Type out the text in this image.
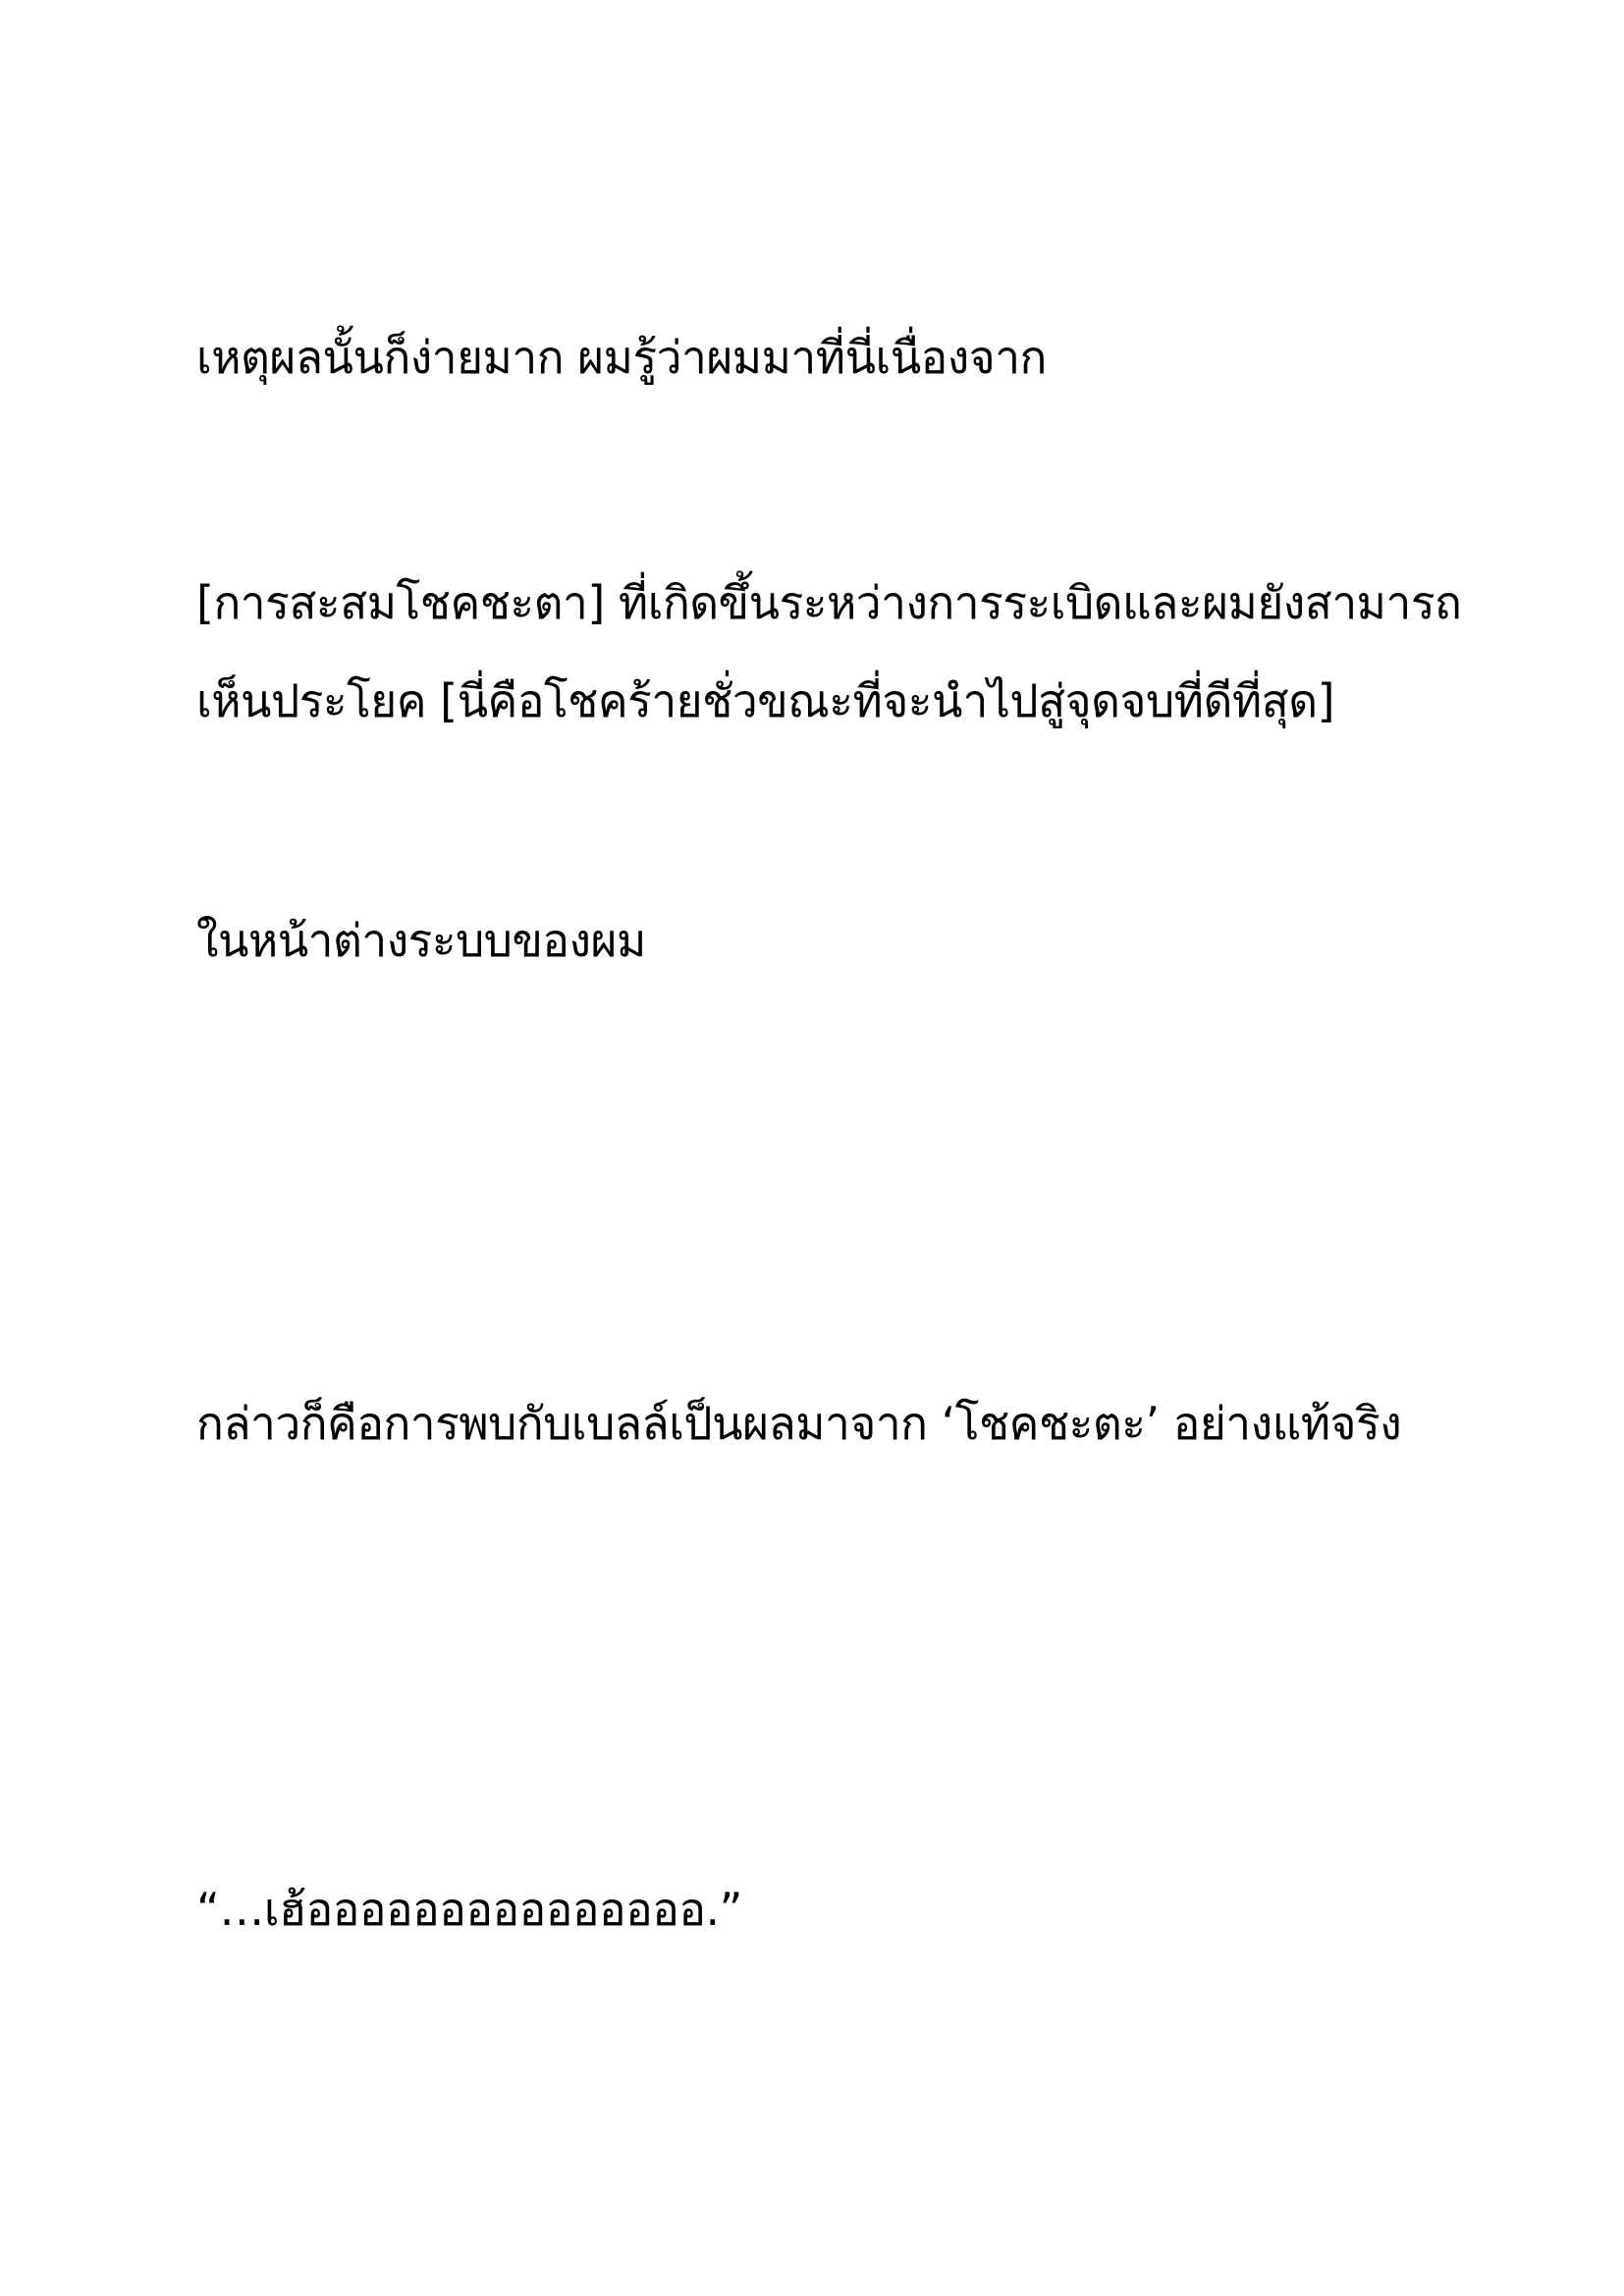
เหตุผลนั้นก็ง่ายมาก ผมรู้ว่าผมมาที่นี่เนื่องจาก

[การสะสมโชคชะตา] ที่เกิดขึ้นระหว่างการระเบิดและผมยังสามารถ

เห็นประโยค [นี่คือโชคร้ายชั่วขณะที่จะนำไปสู่จุดจบที่ดีที่สุด]

ในหน้าต่างระบบของผม

กล่าวก็คือการพบกับเบลล์เป็นผลมาจาก ‘โชคชะตะ’ อย่างแท้จริง

“…เฮ้อออออออออออออออ.”
